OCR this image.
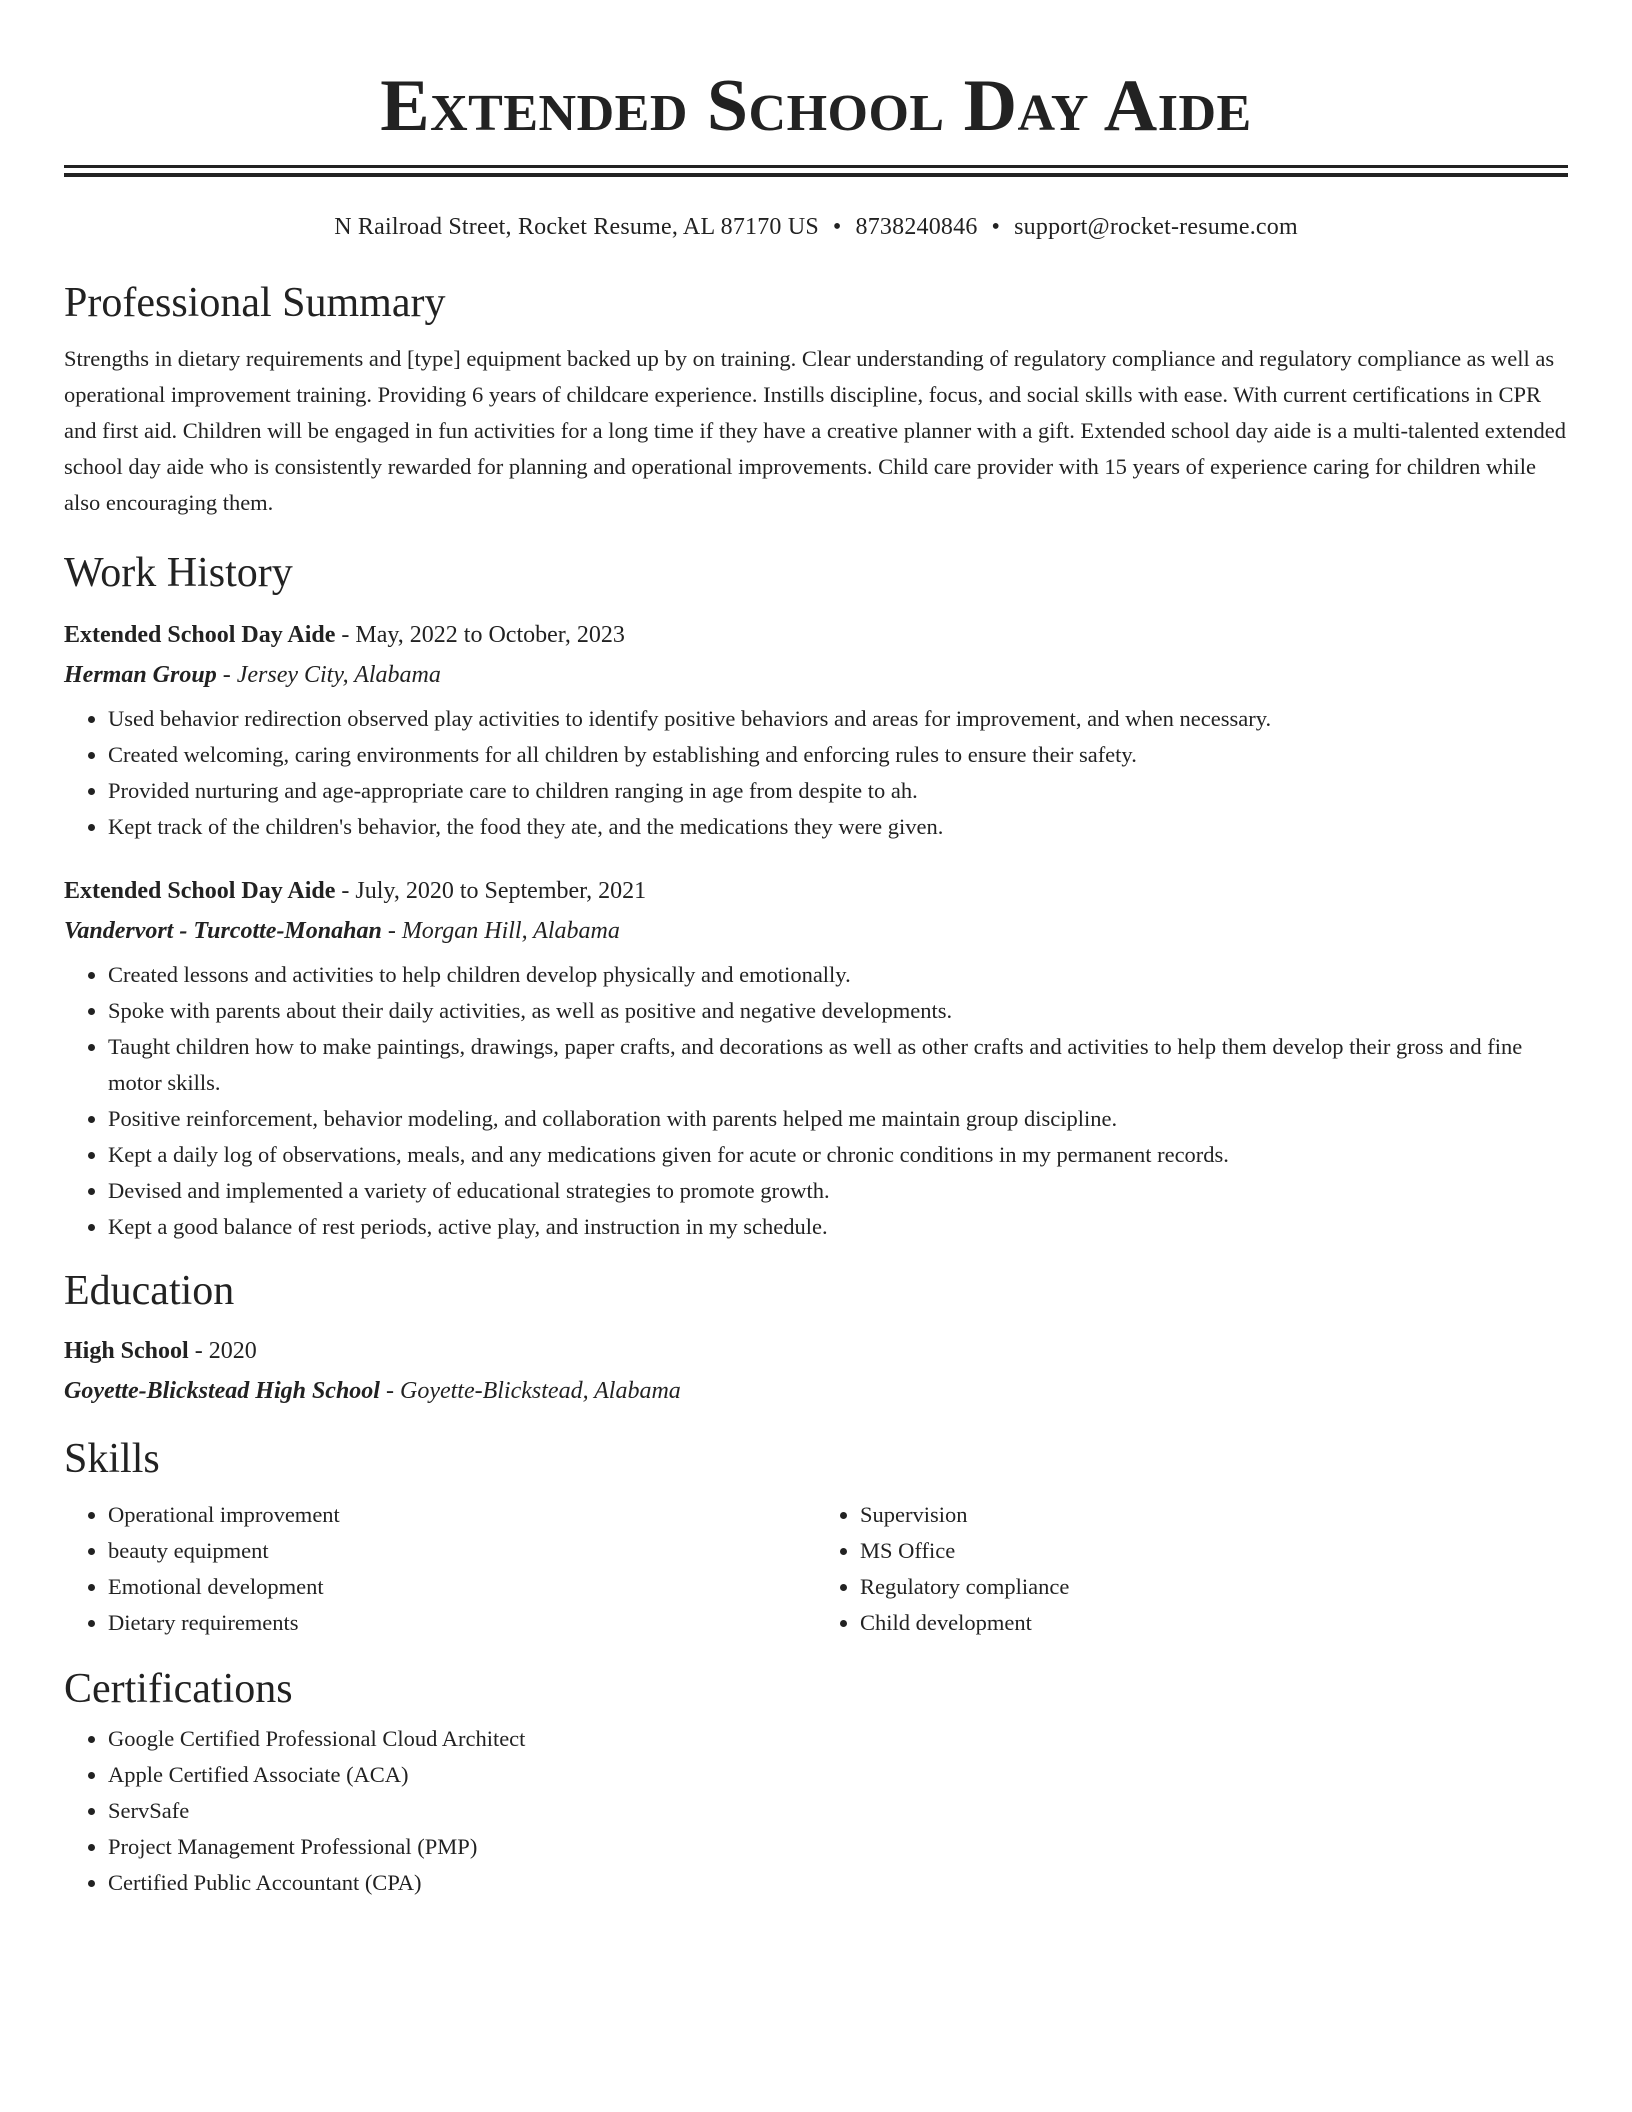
Extended School Day Aide
N Railroad Street, Rocket Resume, AL 87170 US • 8738240846 • support@rocket-resume.com
Professional Summary

Strengths in dietary requirements and [type] equipment backed up by on training. Clear understanding of regulatory compliance and regulatory compliance as well as operational improvement training. Providing 6 years of childcare experience. Instills discipline, focus, and social skills with ease. With current certifications in CPR and first aid. Children will be engaged in fun activities for a long time if they have a creative planner with a gift. Extended school day aide is a multi-talented extended school day aide who is consistently rewarded for planning and operational improvements. Child care provider with 15 years of experience caring for children while also encouraging them.

Work History
Extended School Day Aide - May, 2022 to October, 2023
Herman Group - Jersey City, Alabama
• Used behavior redirection observed play activities to identify positive behaviors and areas for improvement, and when necessary.
• Created welcoming, caring environments for all children by establishing and enforcing rules to ensure their safety.
• Provided nurturing and age-appropriate care to children ranging in age from despite to ah.
• Kept track of the children's behavior, the food they ate, and the medications they were given.
Extended School Day Aide - July, 2020 to September, 2021
Vandervort - Turcotte-Monahan - Morgan Hill, Alabama
• Created lessons and activities to help children develop physically and emotionally.
• Spoke with parents about their daily activities, as well as positive and negative developments.
• Taught children how to make paintings, drawings, paper crafts, and decorations as well as other crafts and activities to help them develop their gross and fine motor skills.
• Positive reinforcement, behavior modeling, and collaboration with parents helped me maintain group discipline.
• Kept a daily log of observations, meals, and any medications given for acute or chronic conditions in my permanent records.
• Devised and implemented a variety of educational strategies to promote growth.
• Kept a good balance of rest periods, active play, and instruction in my schedule.
Education
High School - 2020
Goyette-Blickstead High School - Goyette-Blickstead, Alabama
Skills
• Operational improvement
• beauty equipment
• Emotional development
• Dietary requirements
• Supervision
• MS Office
• Regulatory compliance
• Child development
Certifications
• Google Certified Professional Cloud Architect
• Apple Certified Associate (ACA)
• ServSafe
• Project Management Professional (PMP)
• Certified Public Accountant (CPA)
